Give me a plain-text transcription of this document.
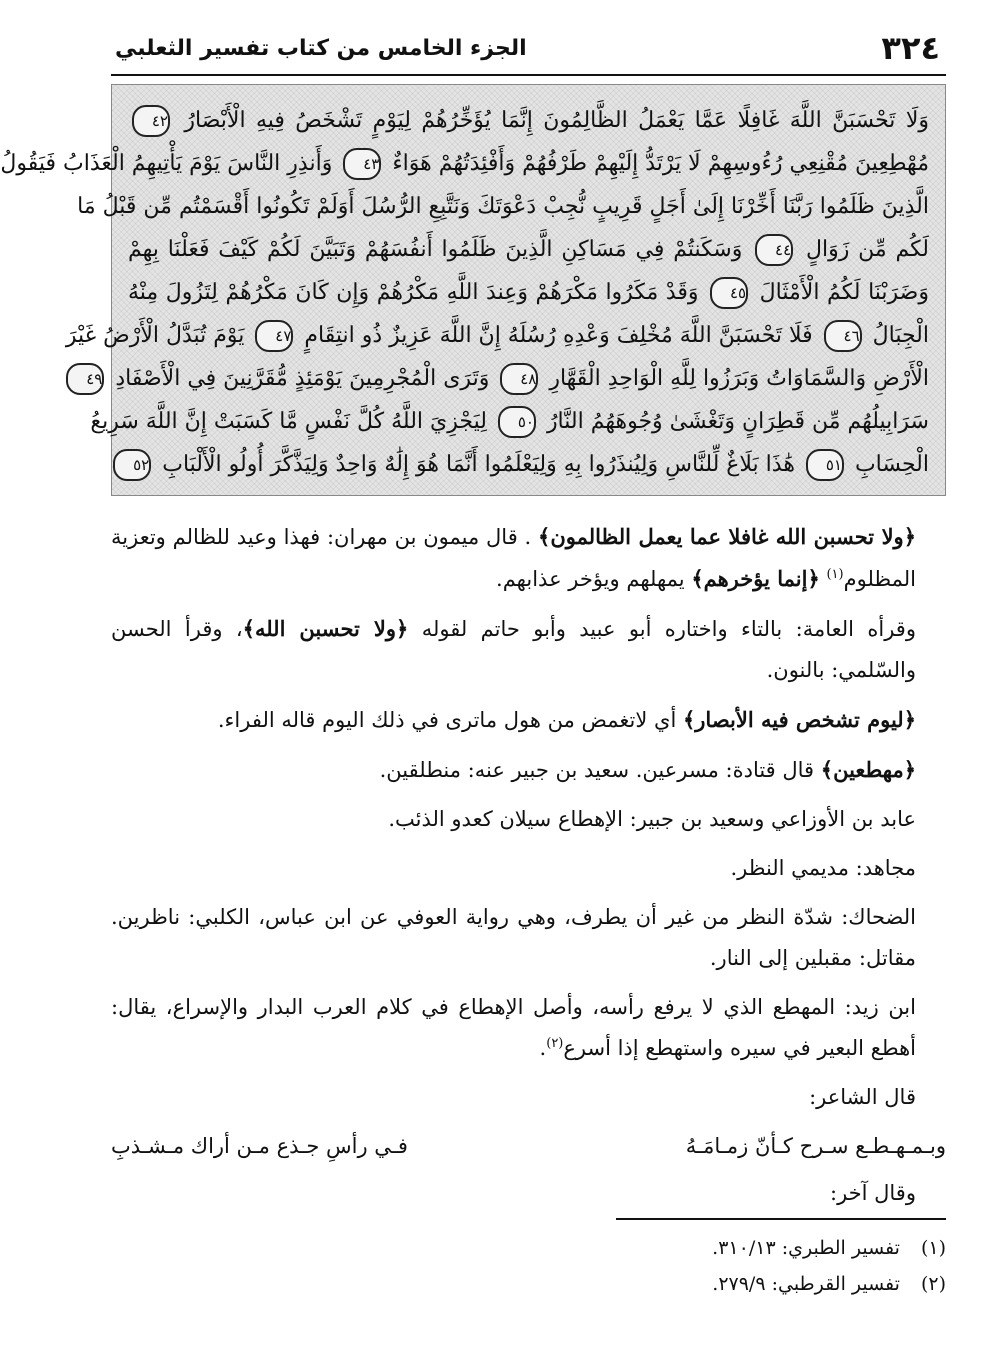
٣٢٤
الجزء الخامس من كتاب تفسير الثعلبي
وَلَا تَحْسَبَنَّ اللَّهَ غَافِلًا عَمَّا يَعْمَلُ الظَّالِمُونَ إِنَّمَا يُؤَخِّرُهُمْ لِيَوْمٍ تَشْخَصُ فِيهِ الْأَبْصَارُ ٤٢
مُهْطِعِينَ مُقْنِعِي رُءُوسِهِمْ لَا يَرْتَدُّ إِلَيْهِمْ طَرْفُهُمْ وَأَفْئِدَتُهُمْ هَوَاءٌ ٤٣ وَأَنذِرِ النَّاسَ يَوْمَ يَأْتِيهِمُ الْعَذَابُ فَيَقُولُ
الَّذِينَ ظَلَمُوا رَبَّنَا أَخِّرْنَا إِلَىٰ أَجَلٍ قَرِيبٍ نُّجِبْ دَعْوَتَكَ وَنَتَّبِعِ الرُّسُلَ أَوَلَمْ تَكُونُوا أَقْسَمْتُم مِّن قَبْلُ مَا
لَكُم مِّن زَوَالٍ ٤٤ وَسَكَنتُمْ فِي مَسَاكِنِ الَّذِينَ ظَلَمُوا أَنفُسَهُمْ وَتَبَيَّنَ لَكُمْ كَيْفَ فَعَلْنَا بِهِمْ
وَضَرَبْنَا لَكُمُ الْأَمْثَالَ ٤٥ وَقَدْ مَكَرُوا مَكْرَهُمْ وَعِندَ اللَّهِ مَكْرُهُمْ وَإِن كَانَ مَكْرُهُمْ لِتَزُولَ مِنْهُ
الْجِبَالُ ٤٦ فَلَا تَحْسَبَنَّ اللَّهَ مُخْلِفَ وَعْدِهِ رُسُلَهُ إِنَّ اللَّهَ عَزِيزٌ ذُو انتِقَامٍ ٤٧ يَوْمَ تُبَدَّلُ الْأَرْضُ غَيْرَ
الْأَرْضِ وَالسَّمَاوَاتُ وَبَرَزُوا لِلَّهِ الْوَاحِدِ الْقَهَّارِ ٤٨ وَتَرَى الْمُجْرِمِينَ يَوْمَئِذٍ مُّقَرَّنِينَ فِي الْأَصْفَادِ ٤٩
سَرَابِيلُهُم مِّن قَطِرَانٍ وَتَغْشَىٰ وُجُوهَهُمُ النَّارُ ٥٠ لِيَجْزِيَ اللَّهُ كُلَّ نَفْسٍ مَّا كَسَبَتْ إِنَّ اللَّهَ سَرِيعُ
الْحِسَابِ ٥١ هَٰذَا بَلَاغٌ لِّلنَّاسِ وَلِيُنذَرُوا بِهِ وَلِيَعْلَمُوا أَنَّمَا هُوَ إِلَٰهٌ وَاحِدٌ وَلِيَذَّكَّرَ أُولُو الْأَلْبَابِ ٥٢

﴿ولا تحسبن الله غافلا عما يعمل الظالمون﴾ . قال ميمون بن مهران: فهذا وعيد للظالم وتعزية المظلوم$^{(١)}$ ﴿إنما يؤخرهم﴾ يمهلهم ويؤخر عذابهم.

وقرأه العامة: بالتاء واختاره أبو عبيد وأبو حاتم لقوله ﴿ولا تحسبن الله﴾، وقرأ الحسن والسّلمي: بالنون.

﴿ليوم تشخص فيه الأبصار﴾ أي لاتغمض من هول ماترى في ذلك اليوم قاله الفراء.

﴿مهطعين﴾ قال قتادة: مسرعين. سعيد بن جبير عنه: منطلقين.

عابد بن الأوزاعي وسعيد بن جبير: الإهطاع سيلان كعدو الذئب.

مجاهد: مديمي النظر.

الضحاك: شدّة النظر من غير أن يطرف، وهي رواية العوفي عن ابن عباس، الكلبي: ناظرين. مقاتل: مقبلين إلى النار.

ابن زيد: المهطع الذي لا يرفع رأسه، وأصل الإهطاع في كلام العرب البدار والإسراع، يقال: أهطع البعير في سيره واستهطع إذا أسرع$^{(٢)}$.

قال الشاعر:

وبـمـهـطـع سـرح كـأنّ زمـامَـهُ
فـي رأسِ جـذع مـن أراك مـشـذبِ

وقال آخر:

(١) تفسير الطبري: ٣١٠/١٣.
(٢) تفسير القرطبي: ٢٧٩/٩.
